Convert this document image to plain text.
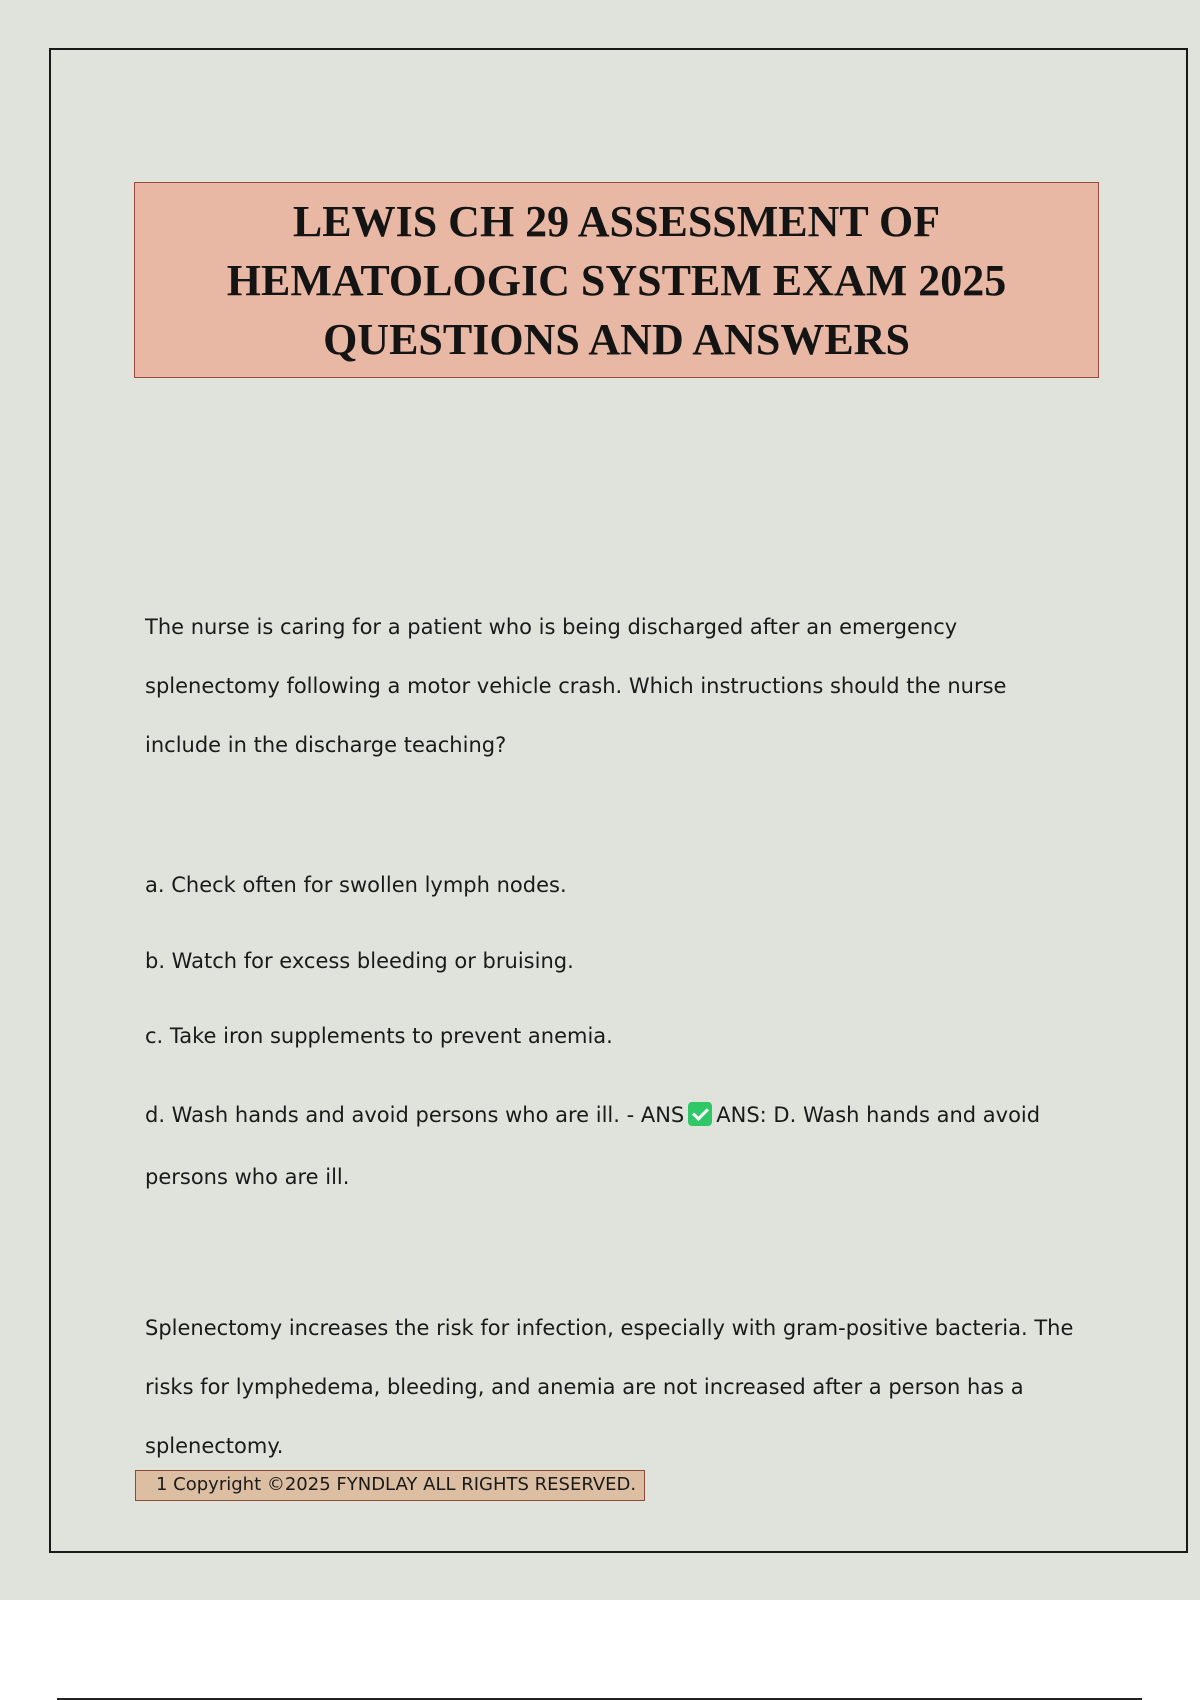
LEWIS CH 29 ASSESSMENT OF
HEMATOLOGIC SYSTEM EXAM 2025
QUESTIONS AND ANSWERS

The nurse is caring for a patient who is being discharged after an emergency splenectomy following a motor vehicle crash. Which instructions should the nurse include in the discharge teaching?

a. Check often for swollen lymph nodes.

b. Watch for excess bleeding or bruising.

c. Take iron supplements to prevent anemia.

d. Wash hands and avoid persons who are ill. - ANS ANS: D. Wash hands and avoid persons who are ill.

Splenectomy increases the risk for infection, especially with gram-positive bacteria. The risks for lymphedema, bleeding, and anemia are not increased after a person has a splenectomy.

1 Copyright ©2025 FYNDLAY ALL RIGHTS RESERVED.
